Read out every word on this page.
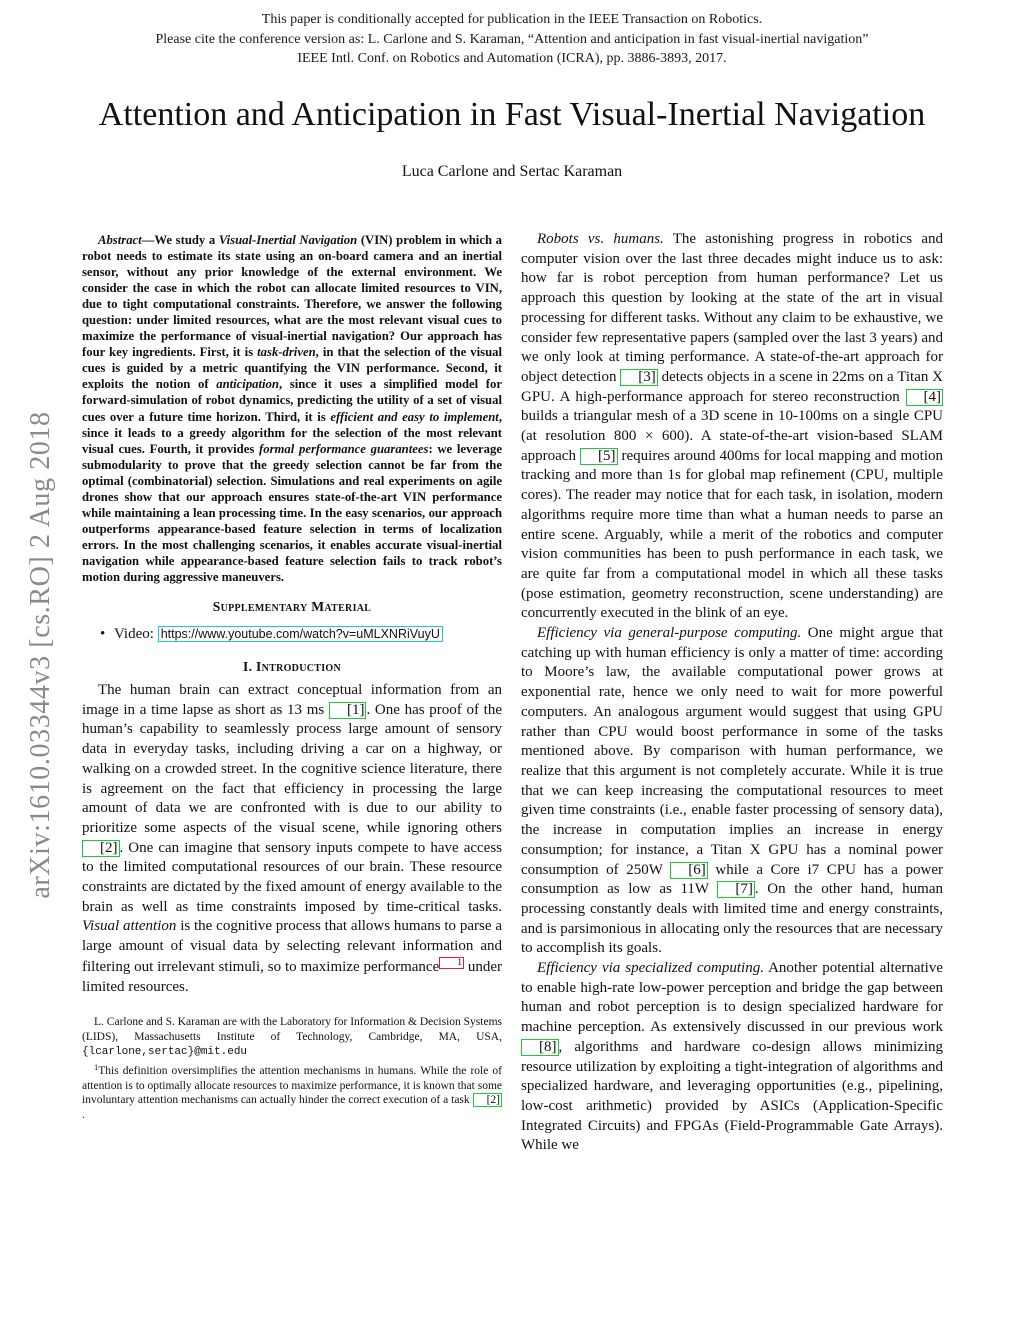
This paper is conditionally accepted for publication in the IEEE Transaction on Robotics.
Please cite the conference version as: L. Carlone and S. Karaman, “Attention and anticipation in fast visual-inertial navigation”
IEEE Intl. Conf. on Robotics and Automation (ICRA), pp. 3886-3893, 2017.
Attention and Anticipation in Fast Visual-Inertial Navigation
Luca Carlone and Sertac Karaman
arXiv:1610.03344v3 [cs.RO] 2 Aug 2018

Abstract—We study a Visual-Inertial Navigation (VIN) problem in which a robot needs to estimate its state using an on-board camera and an inertial sensor, without any prior knowledge of the external environment. We consider the case in which the robot can allocate limited resources to VIN, due to tight computational constraints. Therefore, we answer the following question: under limited resources, what are the most relevant visual cues to maximize the performance of visual-inertial navigation? Our approach has four key ingredients. First, it is task-driven, in that the selection of the visual cues is guided by a metric quantifying the VIN performance. Second, it exploits the notion of anticipation, since it uses a simplified model for forward-simulation of robot dynamics, predicting the utility of a set of visual cues over a future time horizon. Third, it is efficient and easy to implement, since it leads to a greedy algorithm for the selection of the most relevant visual cues. Fourth, it provides formal performance guarantees: we leverage submodularity to prove that the greedy selection cannot be far from the optimal (combinatorial) selection. Simulations and real experiments on agile drones show that our approach ensures state-of-the-art VIN performance while maintaining a lean processing time. In the easy scenarios, our approach outperforms appearance-based feature selection in terms of localization errors. In the most challenging scenarios, it enables accurate visual-inertial navigation while appearance-based feature selection fails to track robot’s motion during aggressive maneuvers.

Supplementary Material
• Video: https://www.youtube.com/watch?v=uMLXNRiVuyU
I. Introduction

The human brain can extract conceptual information from an image in a time lapse as short as 13 ms [1] . One has proof of the human’s capability to seamlessly process large amount of sensory data in everyday tasks, including driving a car on a highway, or walking on a crowded street. In the cognitive science literature, there is agreement on the fact that efficiency in processing the large amount of data we are confronted with is due to our ability to prioritize some aspects of the visual scene, while ignoring others [2] . One can imagine that sensory inputs compete to have access to the limited computational resources of our brain. These resource constraints are dictated by the fixed amount of energy available to the brain as well as time constraints imposed by time-critical tasks. Visual attention is the cognitive process that allows humans to parse a large amount of visual data by selecting relevant information and filtering out irrelevant stimuli, so to maximize performance 1 under limited resources.

L. Carlone and S. Karaman are with the Laboratory for Information & Decision Systems (LIDS), Massachusetts Institute of Technology, Cambridge, MA, USA, {lcarlone,sertac}@mit.edu

$^1$This definition oversimplifies the attention mechanisms in humans. While the role of attention is to optimally allocate resources to maximize performance, it is known that some involuntary attention mechanisms can actually hinder the correct execution of a task [2].

Robots vs. humans. The astonishing progress in robotics and computer vision over the last three decades might induce us to ask: how far is robot perception from human performance? Let us approach this question by looking at the state of the art in visual processing for different tasks. Without any claim to be exhaustive, we consider few representative papers (sampled over the last 3 years) and we only look at timing performance. A state-of-the-art approach for object detection [3] detects objects in a scene in 22ms on a Titan X GPU. A high-performance approach for stereo reconstruction [4] builds a triangular mesh of a 3D scene in 10-100ms on a single CPU (at resolution 800 × 600). A state-of-the-art vision-based SLAM approach [5] requires around 400ms for local mapping and motion tracking and more than 1s for global map refinement (CPU, multiple cores). The reader may notice that for each task, in isolation, modern algorithms require more time than what a human needs to parse an entire scene. Arguably, while a merit of the robotics and computer vision communities has been to push performance in each task, we are quite far from a computational model in which all these tasks (pose estimation, geometry reconstruction, scene understanding) are concurrently executed in the blink of an eye.

Efficiency via general-purpose computing. One might argue that catching up with human efficiency is only a matter of time: according to Moore’s law, the available computational power grows at exponential rate, hence we only need to wait for more powerful computers. An analogous argument would suggest that using GPU rather than CPU would boost performance in some of the tasks mentioned above. By comparison with human performance, we realize that this argument is not completely accurate. While it is true that we can keep increasing the computational resources to meet given time constraints (i.e., enable faster processing of sensory data), the increase in computation implies an increase in energy consumption; for instance, a Titan X GPU has a nominal power consumption of 250W [6] while a Core i7 CPU has a power consumption as low as 11W [7] . On the other hand, human processing constantly deals with limited time and energy constraints, and is parsimonious in allocating only the resources that are necessary to accomplish its goals.

Efficiency via specialized computing. Another potential alternative to enable high-rate low-power perception and bridge the gap between human and robot perception is to design specialized hardware for machine perception. As extensively discussed in our previous work [8] , algorithms and hardware co-design allows minimizing resource utilization by exploiting a tight-integration of algorithms and specialized hardware, and leveraging opportunities (e.g., pipelining, low-cost arithmetic) provided by ASICs (Application-Specific Integrated Circuits) and FPGAs (Field-Programmable Gate Arrays). While we
